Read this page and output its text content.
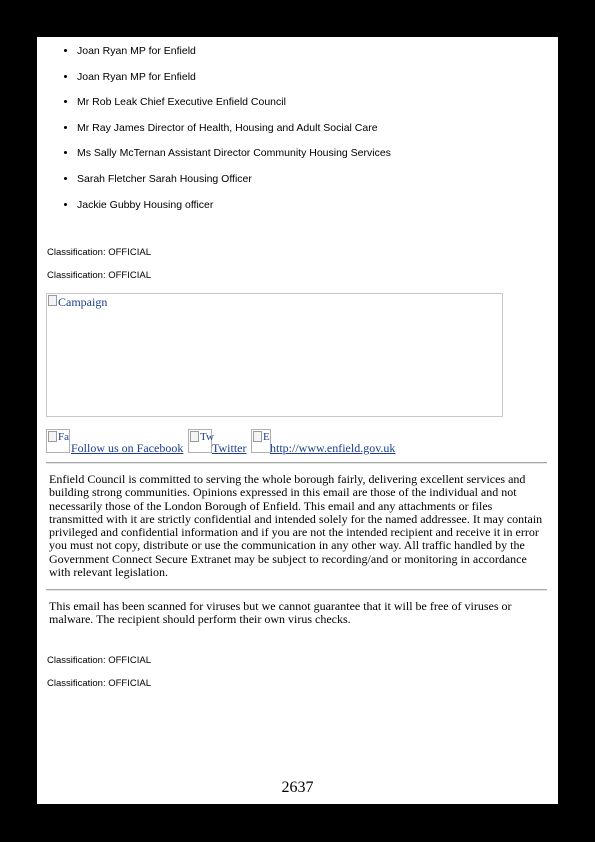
• Joan Ryan MP for Enfield
• Joan Ryan MP for Enfield
• Mr Rob Leak Chief Executive Enfield Council
• Mr Ray James Director of Health, Housing and Adult Social Care
• Ms Sally McTernan Assistant Director Community Housing Services
• Sarah Fletcher Sarah Housing Officer
• Jackie Gubby Housing officer
Classification: OFFICIAL
Classification: OFFICIAL
Campaign
Fa
Follow us on Facebook
Tw
Twitter
E
http://www.enfield.gov.uk
Enfield Council is committed to serving the whole borough fairly, delivering excellent services and building strong communities. Opinions expressed in this email are those of the individual and not necessarily those of the London Borough of Enfield. This email and any attachments or files transmitted with it are strictly confidential and intended solely for the named addressee. It may contain privileged and confidential information and if you are not the intended recipient and receive it in error you must not copy, distribute or use the communication in any other way. All traffic handled by the Government Connect Secure Extranet may be subject to recording/and or monitoring in accordance with relevant legislation.
This email has been scanned for viruses but we cannot guarantee that it will be free of viruses or malware. The recipient should perform their own virus checks.
Classification: OFFICIAL
Classification: OFFICIAL
2637
